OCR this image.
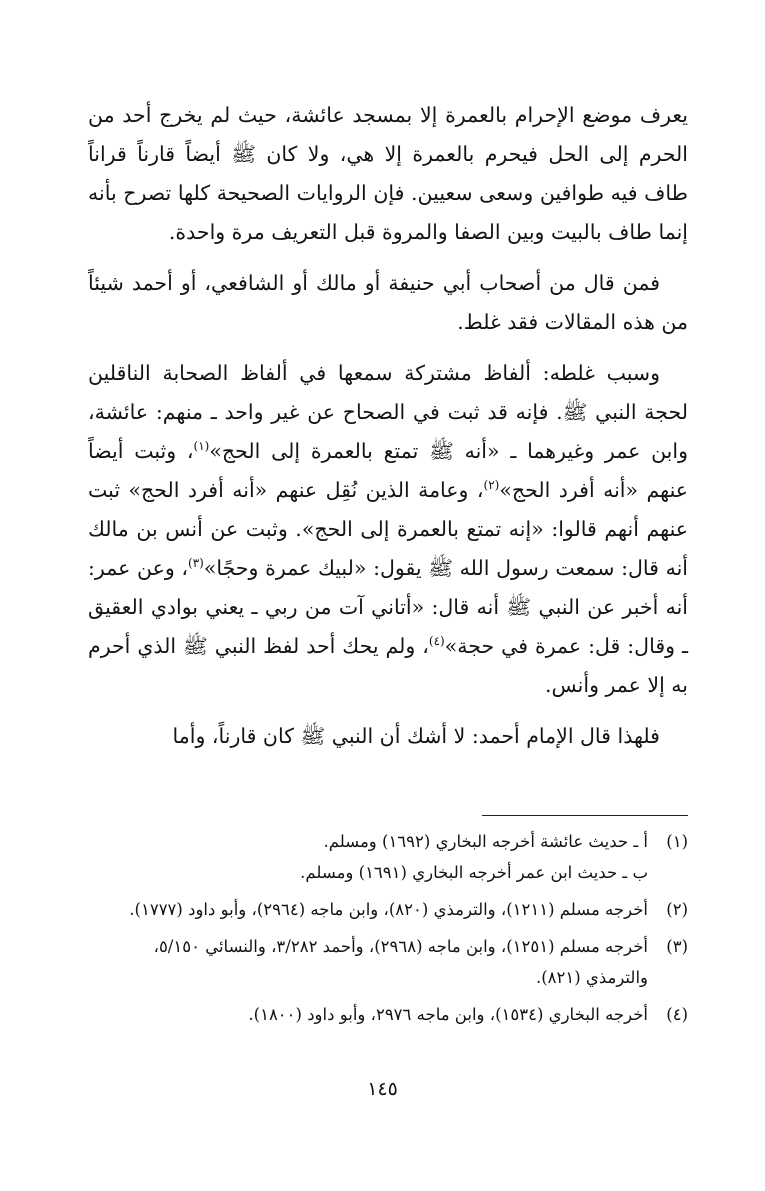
يعرف موضع الإحرام بالعمرة إلا بمسجد عائشة، حيث لم يخرج أحد من الحرم إلى الحل فيحرم بالعمرة إلا هي، ولا كان ﷺ أيضاً قارناً قراناً طاف فيه طوافين وسعى سعيين. فإن الروايات الصحيحة كلها تصرح بأنه إنما طاف بالبيت وبين الصفا والمروة قبل التعريف مرة واحدة.

فمن قال من أصحاب أبي حنيفة أو مالك أو الشافعي، أو أحمد شيئاً من هذه المقالات فقد غلط.

وسبب غلطه: ألفاظ مشتركة سمعها في ألفاظ الصحابة الناقلين لحجة النبي ﷺ. فإنه قد ثبت في الصحاح عن غير واحد ـ منهم: عائشة، وابن عمر وغيرهما ـ «أنه ﷺ تمتع بالعمرة إلى الحج»$^{(١)}$، وثبت أيضاً عنهم «أنه أفرد الحج»$^{(٢)}$، وعامة الذين نُقِل عنهم «أنه أفرد الحج» ثبت عنهم أنهم قالوا: «إنه تمتع بالعمرة إلى الحج». وثبت عن أنس بن مالك أنه قال: سمعت رسول الله ﷺ يقول: «لبيك عمرة وحجًا»$^{(٣)}$، وعن عمر: أنه أخبر عن النبي ﷺ أنه قال: «أتاني آت من ربي ـ يعني بوادي العقيق ـ وقال: قل: عمرة في حجة»$^{(٤)}$، ولم يحك أحد لفظ النبي ﷺ الذي أحرم به إلا عمر وأنس.

فلهذا قال الإمام أحمد: لا أشك أن النبي ﷺ كان قارناً، وأما

(١)
أ ـ حديث عائشة أخرجه البخاري (١٦٩٢) ومسلم.
ب ـ حديث ابن عمر أخرجه البخاري (١٦٩١) ومسلم.
(٢)
أخرجه مسلم (١٢١١)، والترمذي (٨٢٠)، وابن ماجه (٢٩٦٤)، وأبو داود (١٧٧٧).
(٣)
أخرجه مسلم (١٢٥١)، وابن ماجه (٢٩٦٨)، وأحمد ٣/٢٨٢، والنسائي ٥/١٥٠، والترمذي (٨٢١).
(٤)
أخرجه البخاري (١٥٣٤)، وابن ماجه ٢٩٧٦، وأبو داود (١٨٠٠).
١٤٥
